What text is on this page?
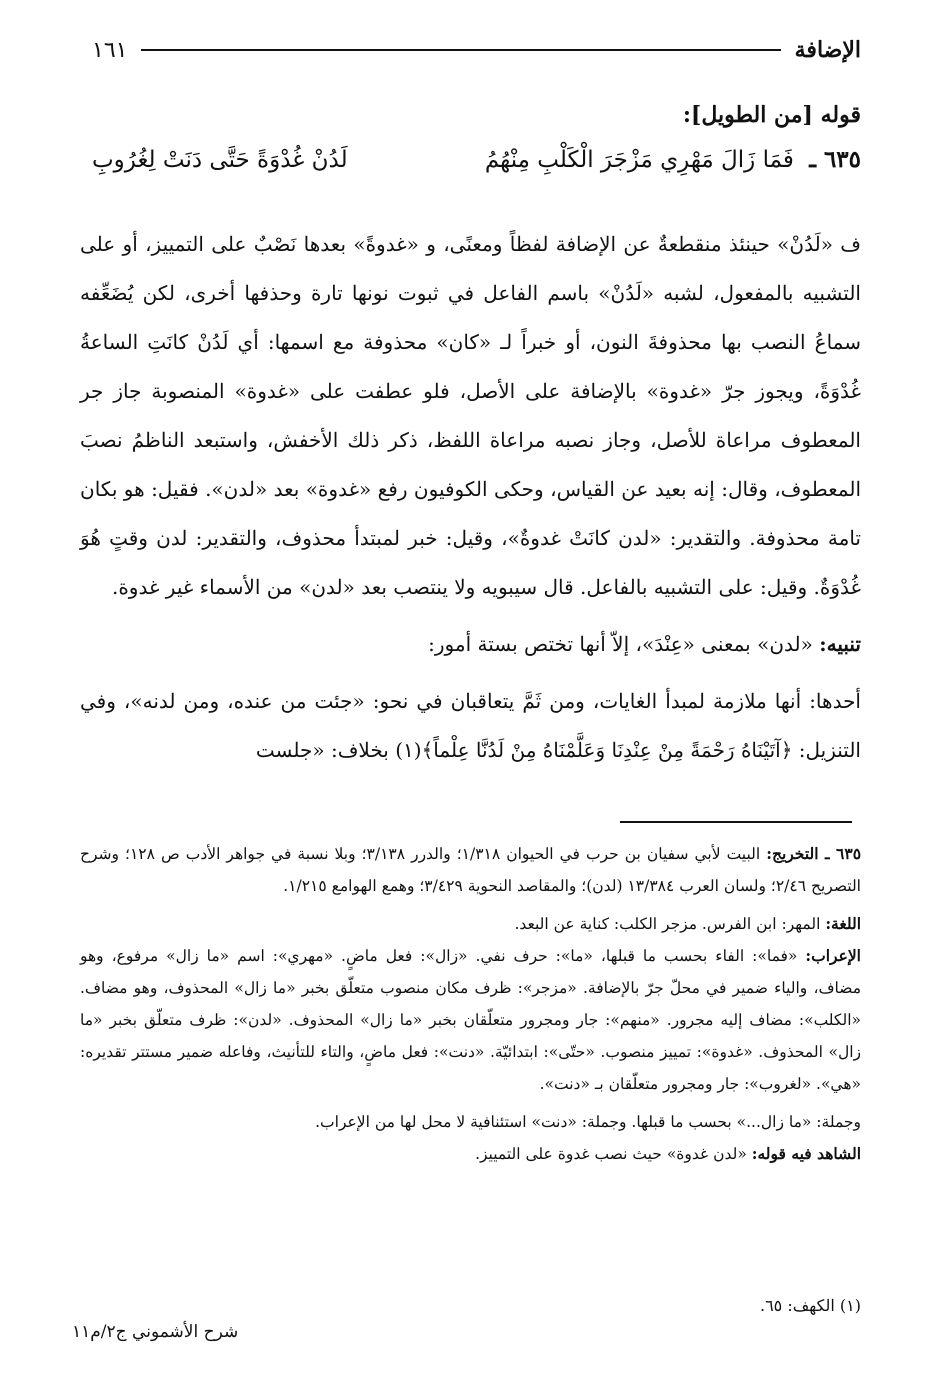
الإضافة
١٦١
قوله [من الطويل]:
٦٣٥ ـ فَمَا زَالَ مَهْرِي مَزْجَرَ الْكَلْبِ مِنْهُمُ
لَدُنْ غُدْوَةً حَتَّى دَنَتْ لِغُرُوبِ

ف «لَدُنْ» حينئذ منقطعةٌ عن الإضافة لفظاً ومعنًى، و «غدوةً» بعدها نَصْبٌ على التمييز، أو على التشبيه بالمفعول، لشبه «لَدُنْ» باسم الفاعل في ثبوت نونها تارة وحذفها أخرى، لكن يُضَعِّفه سماعُ النصب بها محذوفةَ النون، أو خبراً لـ «كان» محذوفة مع اسمها: أي لَدُنْ كانَتِ الساعةُ غُدْوَةً، ويجوز جرّ «غدوة» بالإضافة على الأصل، فلو عطفت على «غدوة» المنصوبة جاز جر المعطوف مراعاة للأصل، وجاز نصبه مراعاة اللفظ، ذكر ذلك الأخفش، واستبعد الناظمُ نصبَ المعطوف، وقال: إنه بعيد عن القياس، وحكى الكوفيون رفع «غدوة» بعد «لدن». فقيل: هو بكان تامة محذوفة. والتقدير: «لدن كانَتْ غدوةٌ»، وقيل: خبر لمبتدأ محذوف، والتقدير: لدن وقتٍ هُوَ غُدْوَةٌ. وقيل: على التشبيه بالفاعل. قال سيبويه ولا ينتصب بعد «لدن» من الأسماء غير غدوة.

تنبيه: «لدن» بمعنى «عِنْدَ»، إلاّ أنها تختص بستة أمور:

أحدها: أنها ملازمة لمبدأ الغايات، ومن ثَمَّ يتعاقبان في نحو: «جئت من عنده، ومن لدنه»، وفي التنزيل: ﴿آتَيْنَاهُ رَحْمَةً مِنْ عِنْدِنَا وَعَلَّمْنَاهُ مِنْ لَدُنَّا عِلْماً﴾(١) بخلاف: «جلست

٦٣٥ ـ التخريج: البيت لأبي سفيان بن حرب في الحيوان ١/٣١٨؛ والدرر ٣/١٣٨؛ وبلا نسبة في جواهر الأدب ص ١٢٨؛ وشرح التصريح ٢/٤٦؛ ولسان العرب ١٣/٣٨٤ (لدن)؛ والمقاصد النحوية ٣/٤٢٩؛ وهمع الهوامع ١/٢١٥.

اللغة: المهر: ابن الفرس. مزجر الكلب: كناية عن البعد.

الإعراب: «فما»: الفاء بحسب ما قبلها، «ما»: حرف نفي. «زال»: فعل ماضٍ. «مهري»: اسم «ما زال» مرفوع، وهو مضاف، والياء ضمير في محلّ جرّ بالإضافة. «مزجر»: ظرف مكان منصوب متعلّق بخبر «ما زال» المحذوف، وهو مضاف. «الكلب»: مضاف إليه مجرور. «منهم»: جار ومجرور متعلّقان بخبر «ما زال» المحذوف. «لدن»: ظرف متعلّق بخبر «ما زال» المحذوف. «غدوة»: تمييز منصوب. «حتّى»: ابتدائيّة. «دنت»: فعل ماضٍ، والتاء للتأنيث، وفاعله ضمير مستتر تقديره: «هي». «لغروب»: جار ومجرور متعلّقان بـ «دنت».

وجملة: «ما زال...» بحسب ما قبلها. وجملة: «دنت» استئنافية لا محل لها من الإعراب.

الشاهد فيه قوله: «لدن غدوة» حيث نصب غدوة على التمييز.

(١) الكهف: ٦٥.
شرح الأشموني ج٢/م١١
